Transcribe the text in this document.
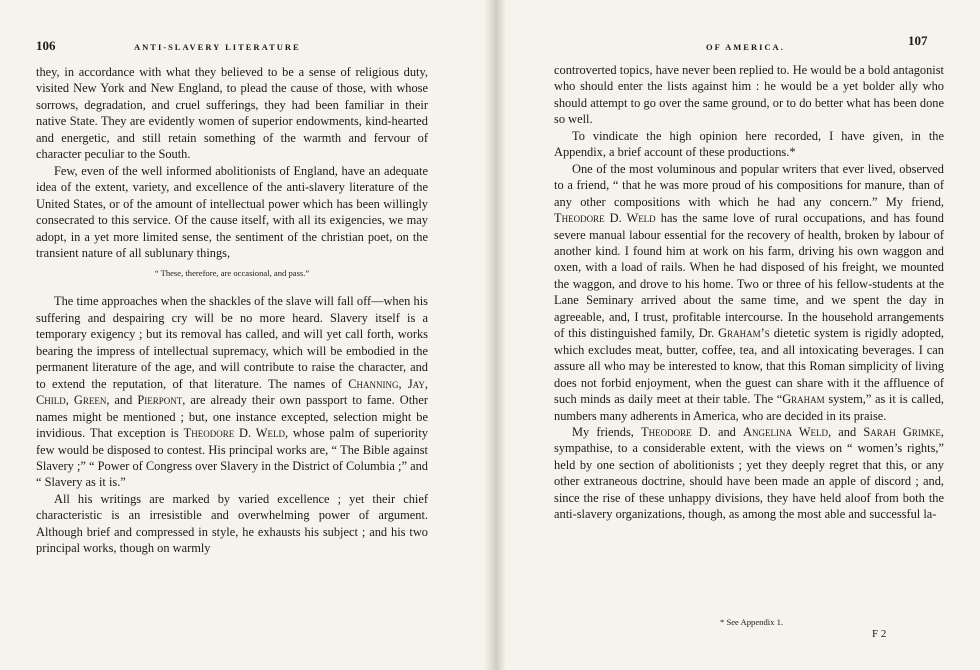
106	ANTI-SLAVERY LITERATURE

they, in accordance with what they believed to be a sense of religious duty, visited New York and New England, to plead the cause of those, with whose sorrows, degradation, and cruel sufferings, they had been familiar in their native State. They are evidently women of superior endowments, kind-hearted and energetic, and still retain something of the warmth and fervour of character peculiar to the South.

Few, even of the well informed abolitionists of England, have an adequate idea of the extent, variety, and excellence of the anti-slavery literature of the United States, or of the amount of intellectual power which has been willingly consecrated to this service. Of the cause itself, with all its exigencies, we may adopt, in a yet more limited sense, the sentiment of the christian poet, on the transient nature of all sublunary things,

“ These, therefore, are occasional, and pass.”

The time approaches when the shackles of the slave will fall off—when his suffering and despairing cry will be no more heard. Slavery itself is a temporary exigency ; but its removal has called, and will yet call forth, works bearing the impress of intellectual supremacy, which will be embodied in the permanent literature of the age, and will contribute to raise the character, and to extend the reputation, of that literature. The names of Channing, Jay, Child, Green, and Pierpont, are already their own passport to fame. Other names might be mentioned ; but, one instance excepted, selection might be invidious. That exception is Theodore D. Weld, whose palm of superiority few would be disposed to contest. His principal works are, “ The Bible against Slavery ;” “ Power of Congress over Slavery in the District of Columbia ;” and “ Slavery as it is.”

All his writings are marked by varied excellence ; yet their chief characteristic is an irresistible and overwhelming power of argument. Although brief and compressed in style, he exhausts his subject ; and his two principal works, though on warmly

OF AMERICA.	107

controverted topics, have never been replied to. He would be a bold antagonist who should enter the lists against him : he would be a yet bolder ally who should attempt to go over the same ground, or to do better what has been done so well.

To vindicate the high opinion here recorded, I have given, in the Appendix, a brief account of these productions.*

One of the most voluminous and popular writers that ever lived, observed to a friend, “ that he was more proud of his compositions for manure, than of any other compositions with which he had any concern.” My friend, Theodore D. Weld has the same love of rural occupations, and has found severe manual labour essential for the recovery of health, broken by labour of another kind. I found him at work on his farm, driving his own waggon and oxen, with a load of rails. When he had disposed of his freight, we mounted the waggon, and drove to his home. Two or three of his fellow-students at the Lane Seminary arrived about the same time, and we spent the day in agreeable, and, I trust, profitable intercourse. In the household arrangements of this distinguished family, Dr. Graham’s dietetic system is rigidly adopted, which excludes meat, butter, coffee, tea, and all intoxicating beverages. I can assure all who may be interested to know, that this Roman simplicity of living does not forbid enjoyment, when the guest can share with it the affluence of such minds as daily meet at their table. The “Graham system,” as it is called, numbers many adherents in America, who are decided in its praise.

My friends, Theodore D. and Angelina Weld, and Sarah Grimke, sympathise, to a considerable extent, with the views on “ women’s rights,” held by one section of abolitionists ; yet they deeply regret that this, or any other extraneous doctrine, should have been made an apple of discord ; and, since the rise of these unhappy divisions, they have held aloof from both the anti-slavery organizations, though, as among the most able and successful la-

* See Appendix 1.
F 2
